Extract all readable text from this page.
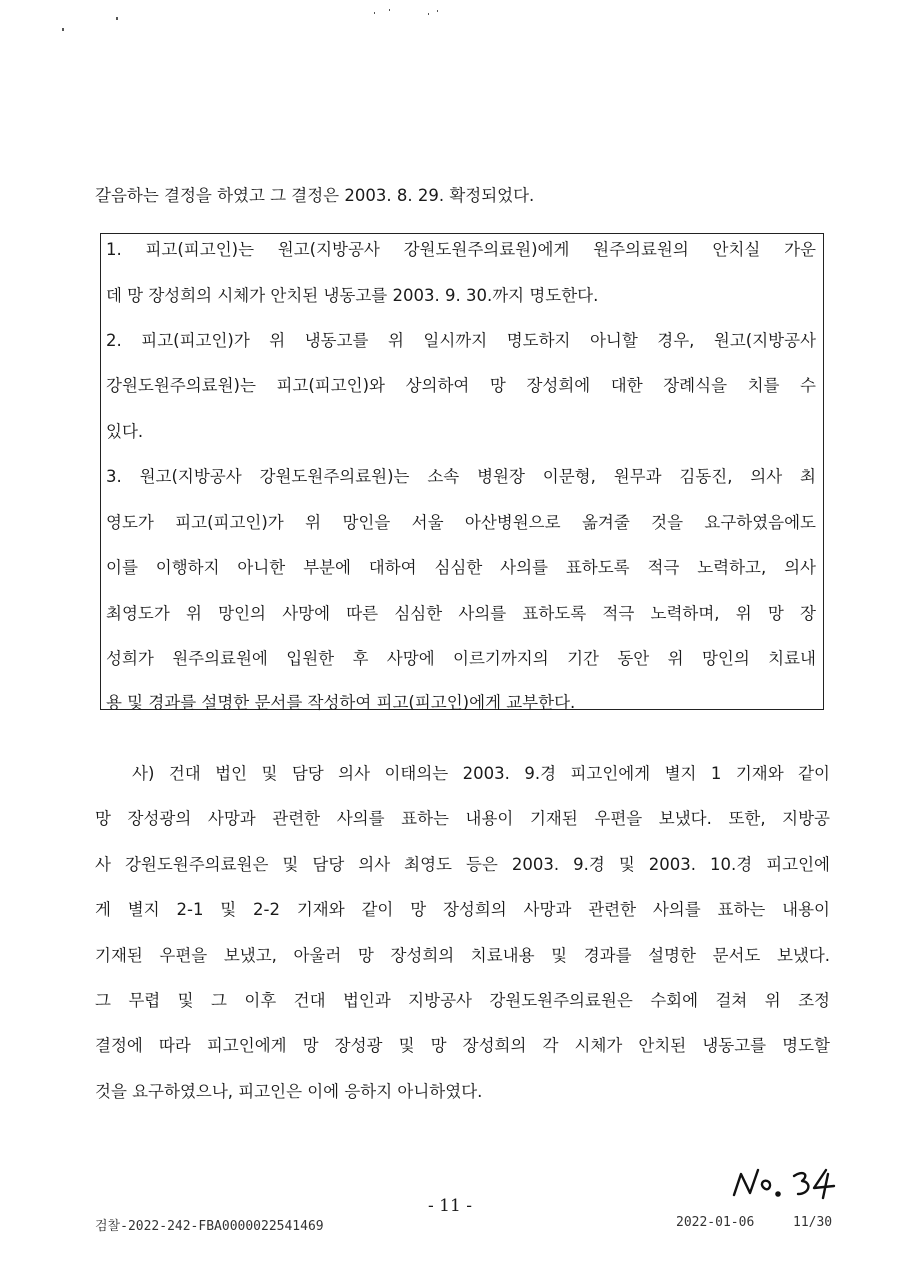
갈음하는 결정을 하였고 그 결정은 2003. 8. 29. 확정되었다.
1. 피고(피고인)는 원고(지방공사 강원도원주의료원)에게 원주의료원의 안치실 가운
데 망 장성희의 시체가 안치된 냉동고를 2003. 9. 30.까지 명도한다.
2. 피고(피고인)가 위 냉동고를 위 일시까지 명도하지 아니할 경우, 원고(지방공사
강원도원주의료원)는 피고(피고인)와 상의하여 망 장성희에 대한 장례식을 치를 수
있다.
3. 원고(지방공사 강원도원주의료원)는 소속 병원장 이문형, 원무과 김동진, 의사 최
영도가 피고(피고인)가 위 망인을 서울 아산병원으로 옮겨줄 것을 요구하였음에도
이를 이행하지 아니한 부분에 대하여 심심한 사의를 표하도록 적극 노력하고, 의사
최영도가 위 망인의 사망에 따른 심심한 사의를 표하도록 적극 노력하며, 위 망 장
성희가 원주의료원에 입원한 후 사망에 이르기까지의 기간 동안 위 망인의 치료내
용 및 경과를 설명한 문서를 작성하여 피고(피고인)에게 교부한다.
사) 건대 법인 및 담당 의사 이태의는 2003. 9.경 피고인에게 별지 1 기재와 같이
망 장성광의 사망과 관련한 사의를 표하는 내용이 기재된 우편을 보냈다. 또한, 지방공
사 강원도원주의료원은 및 담당 의사 최영도 등은 2003. 9.경 및 2003. 10.경 피고인에
게 별지 2-1 및 2-2 기재와 같이 망 장성희의 사망과 관련한 사의를 표하는 내용이
기재된 우편을 보냈고, 아울러 망 장성희의 치료내용 및 경과를 설명한 문서도 보냈다.
그 무렵 및 그 이후 건대 법인과 지방공사 강원도원주의료원은 수회에 걸쳐 위 조정
결정에 따라 피고인에게 망 장성광 및 망 장성희의 각 시체가 안치된 냉동고를 명도할
것을 요구하였으나, 피고인은 이에 응하지 아니하였다.
- 11 -
검찰-2022-242-FBA0000022541469	2022-01-06	11/30
